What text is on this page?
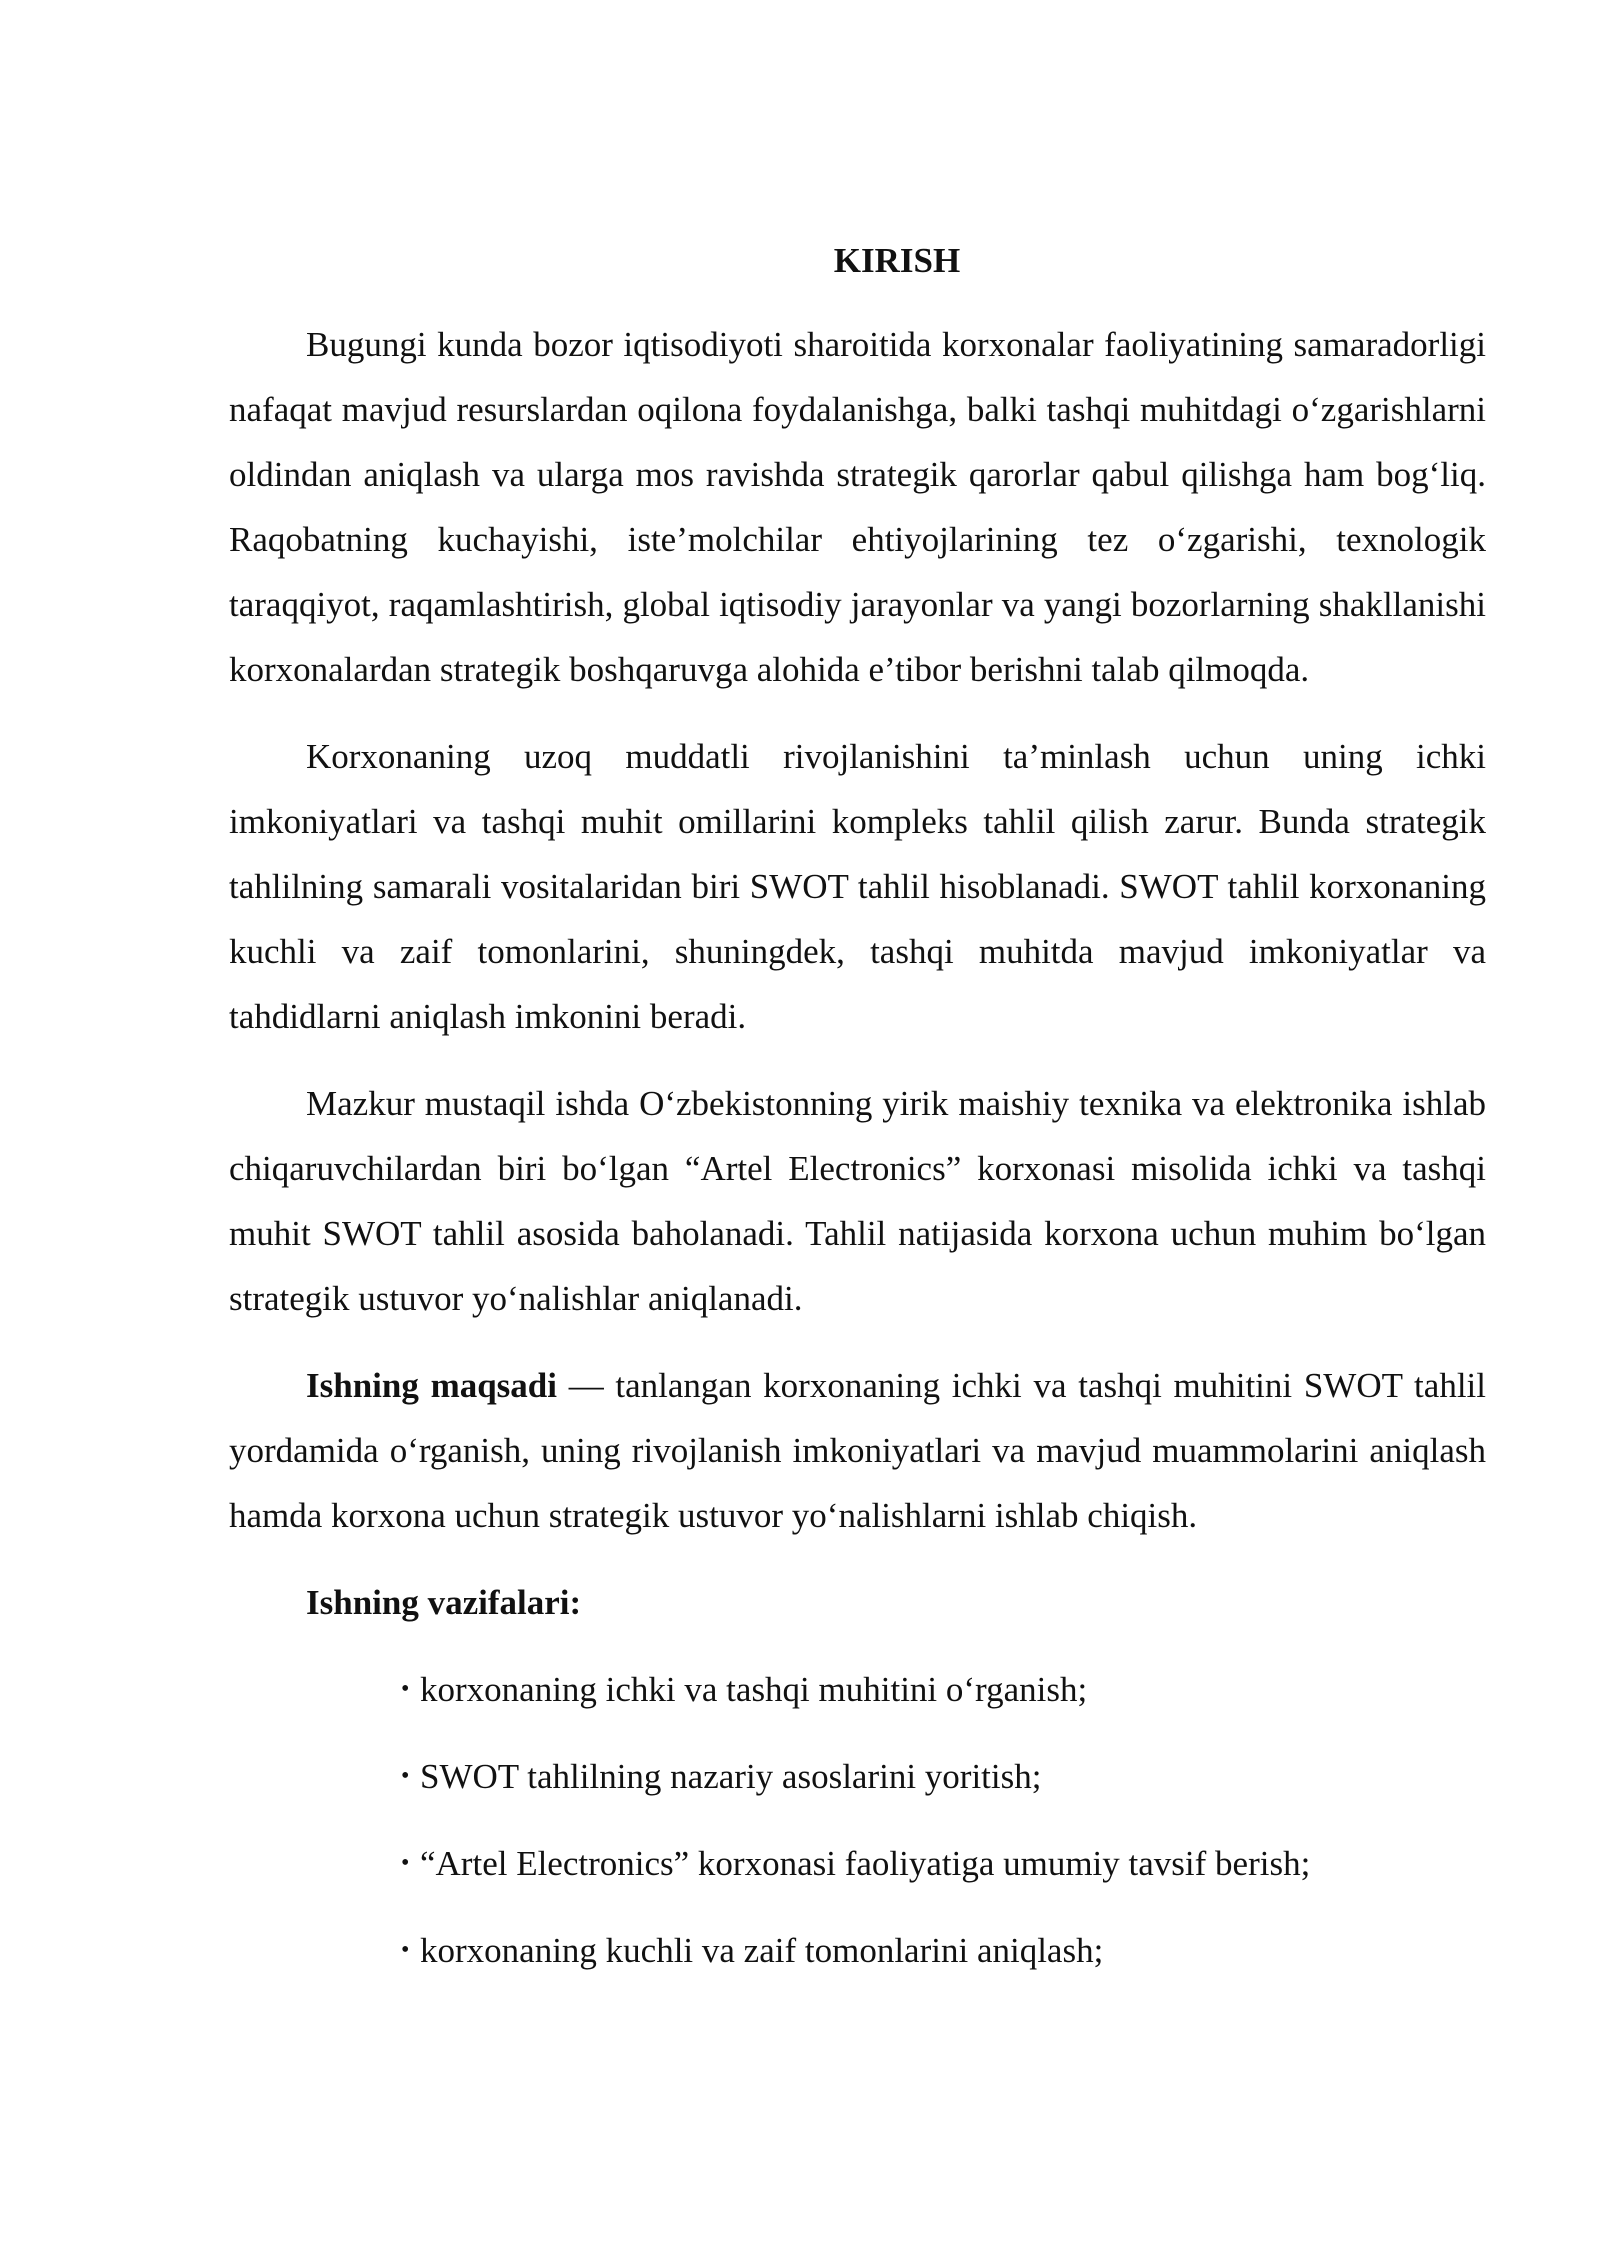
KIRISH

Bugungi kunda bozor iqtisodiyoti sharoitida korxonalar faoliyatining samaradorligi nafaqat mavjud resurslardan oqilona foydalanishga, balki tashqi muhitdagi o‘zgarishlarni oldindan aniqlash va ularga mos ravishda strategik qarorlar qabul qilishga ham bog‘liq. Raqobatning kuchayishi, iste’molchilar ehtiyojlarining tez o‘zgarishi, texnologik taraqqiyot, raqamlashtirish, global iqtisodiy jarayonlar va yangi bozorlarning shakllanishi korxonalardan strategik boshqaruvga alohida e’tibor berishni talab qilmoqda.

Korxonaning uzoq muddatli rivojlanishini ta’minlash uchun uning ichki imkoniyatlari va tashqi muhit omillarini kompleks tahlil qilish zarur. Bunda strategik tahlilning samarali vositalaridan biri SWOT tahlil hisoblanadi. SWOT tahlil korxonaning kuchli va zaif tomonlarini, shuningdek, tashqi muhitda mavjud imkoniyatlar va tahdidlarni aniqlash imkonini beradi.

Mazkur mustaqil ishda O‘zbekistonning yirik maishiy texnika va elektronika ishlab chiqaruvchilardan biri bo‘lgan “Artel Electronics” korxonasi misolida ichki va tashqi muhit SWOT tahlil asosida baholanadi. Tahlil natijasida korxona uchun muhim bo‘lgan strategik ustuvor yo‘nalishlar aniqlanadi.

Ishning maqsadi — tanlangan korxonaning ichki va tashqi muhitini SWOT tahlil yordamida o‘rganish, uning rivojlanish imkoniyatlari va mavjud muammolarini aniqlash hamda korxona uchun strategik ustuvor yo‘nalishlarni ishlab chiqish.

Ishning vazifalari:

• korxonaning ichki va tashqi muhitini o‘rganish;
• SWOT tahlilning nazariy asoslarini yoritish;
• “Artel Electronics” korxonasi faoliyatiga umumiy tavsif berish;
• korxonaning kuchli va zaif tomonlarini aniqlash;
